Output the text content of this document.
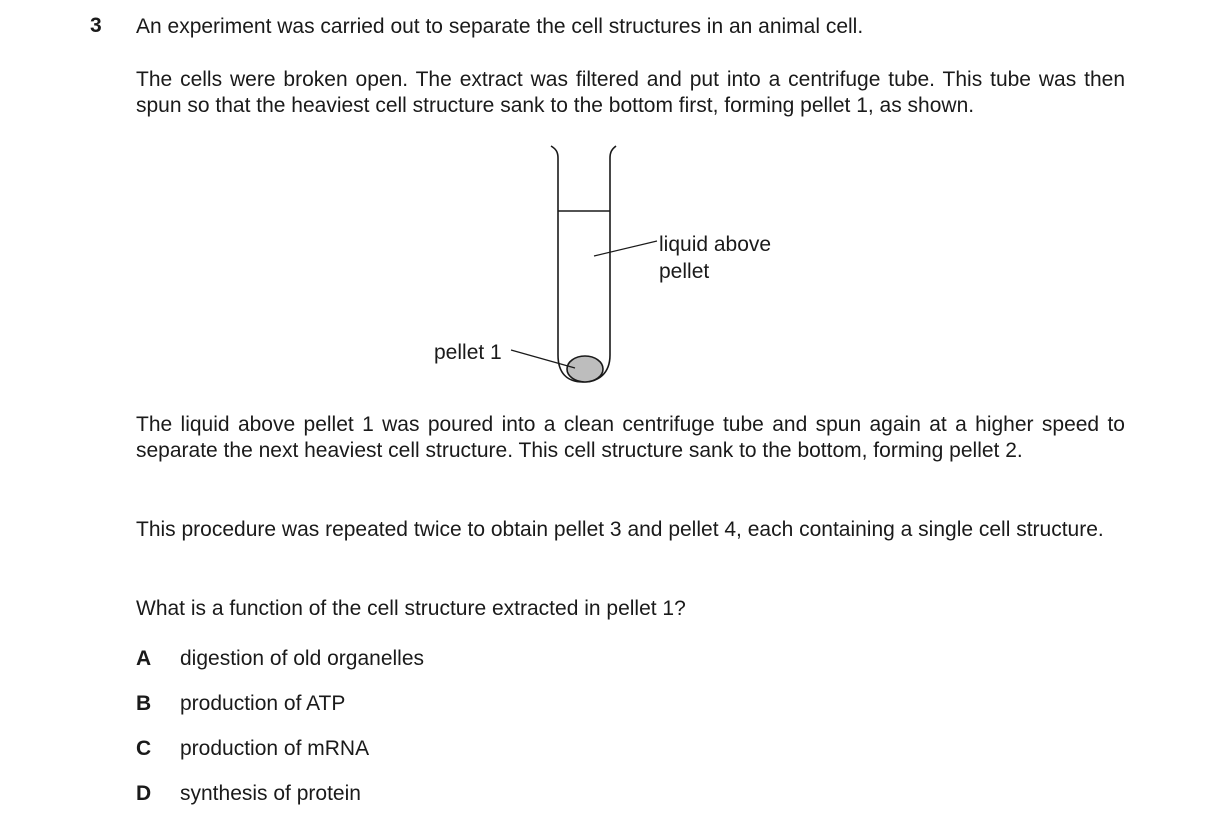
3 An experiment was carried out to separate the cell structures in an animal cell.
The cells were broken open. The extract was filtered and put into a centrifuge tube. This tube was then spun so that the heaviest cell structure sank to the bottom first, forming pellet 1, as shown.
liquid above
pellet
pellet 1
The liquid above pellet 1 was poured into a clean centrifuge tube and spun again at a higher speed to separate the next heaviest cell structure. This cell structure sank to the bottom, forming pellet 2.
This procedure was repeated twice to obtain pellet 3 and pellet 4, each containing a single cell structure.
What is a function of the cell structure extracted in pellet 1?
A digestion of old organelles
B production of ATP
C production of mRNA
D synthesis of protein
